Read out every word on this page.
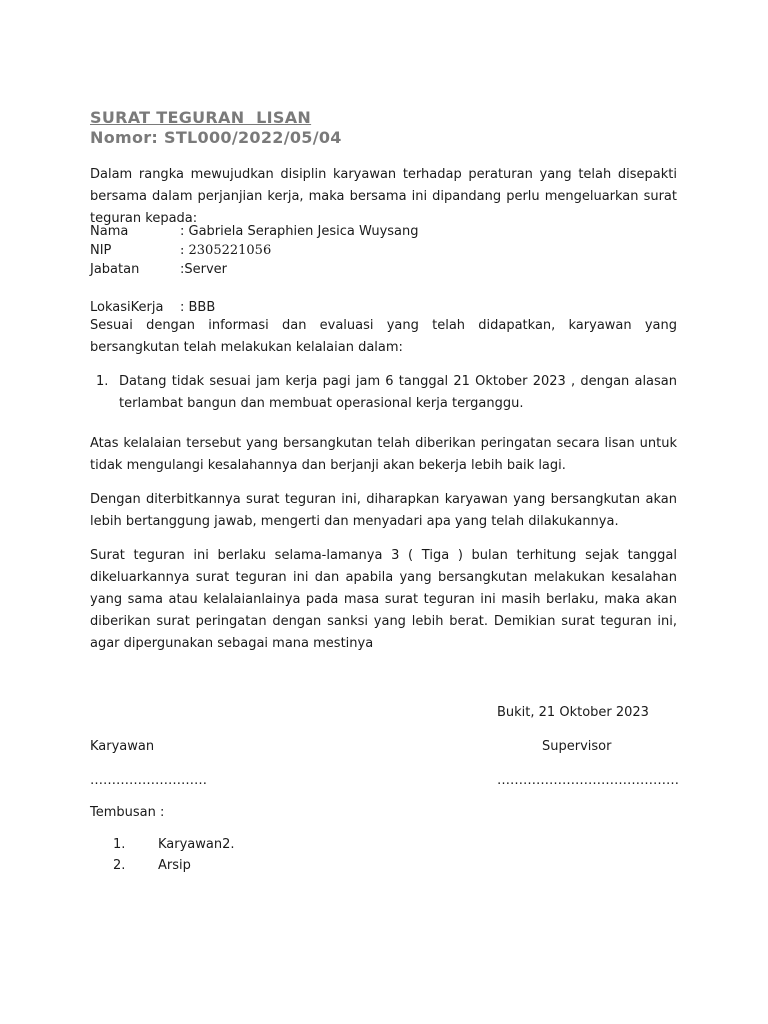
SURAT TEGURAN  LISAN
Nomor: STL000/2022/05/04
Dalam rangka mewujudkan disiplin karyawan terhadap peraturan yang telah disepakti bersama dalam perjanjian kerja, maka bersama ini dipandang perlu mengeluarkan surat teguran kepada:
Nama	: Gabriela Seraphien Jesica Wuysang
NIP	: 2305221056
Jabatan	:Server
LokasiKerja : BBB
Sesuai dengan informasi dan evaluasi yang telah didapatkan, karyawan yang bersangkutan telah melakukan kelalaian dalam:
1. Datang tidak sesuai jam kerja pagi jam 6 tanggal 21 Oktober 2023 , dengan alasan terlambat bangun dan membuat operasional kerja terganggu.
Atas kelalaian tersebut yang bersangkutan telah diberikan peringatan secara lisan untuk tidak mengulangi kesalahannya dan berjanji akan bekerja lebih baik lagi.
Dengan diterbitkannya surat teguran ini, diharapkan karyawan yang bersangkutan akan lebih bertanggung jawab, mengerti dan menyadari apa yang telah dilakukannya.
Surat teguran ini berlaku selama-lamanya 3 ( Tiga ) bulan terhitung sejak tanggal dikeluarkannya surat teguran ini dan apabila yang bersangkutan melakukan kesalahan yang sama atau kelalaianlainya pada masa surat teguran ini masih berlaku, maka akan diberikan surat peringatan dengan sanksi yang lebih berat. Demikian surat teguran ini, agar dipergunakan sebagai mana mestinya
Bukit, 21 Oktober 2023
Karyawan	Supervisor
………………………	……………………………………
Tembusan :
1.	Karyawan2.
2.	Arsip
